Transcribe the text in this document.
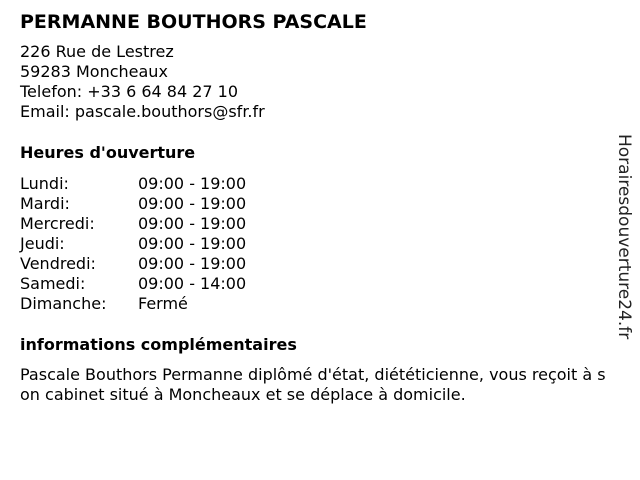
PERMANNE BOUTHORS PASCALE
226 Rue de Lestrez
59283 Moncheaux
Telefon: +33 6 64 84 27 10
Email: pascale.bouthors@sfr.fr
Heures d'ouverture
Lundi:	09:00 - 19:00
Mardi:	09:00 - 19:00
Mercredi:	09:00 - 19:00
Jeudi:	09:00 - 19:00
Vendredi:	09:00 - 19:00
Samedi:	09:00 - 14:00
Dimanche:	Fermé
informations complémentaires
Pascale Bouthors Permanne diplômé d'état, diététicienne, vous reçoit à son cabinet situé à Moncheaux et se déplace à domicile.
Horairesdouverture24.fr
